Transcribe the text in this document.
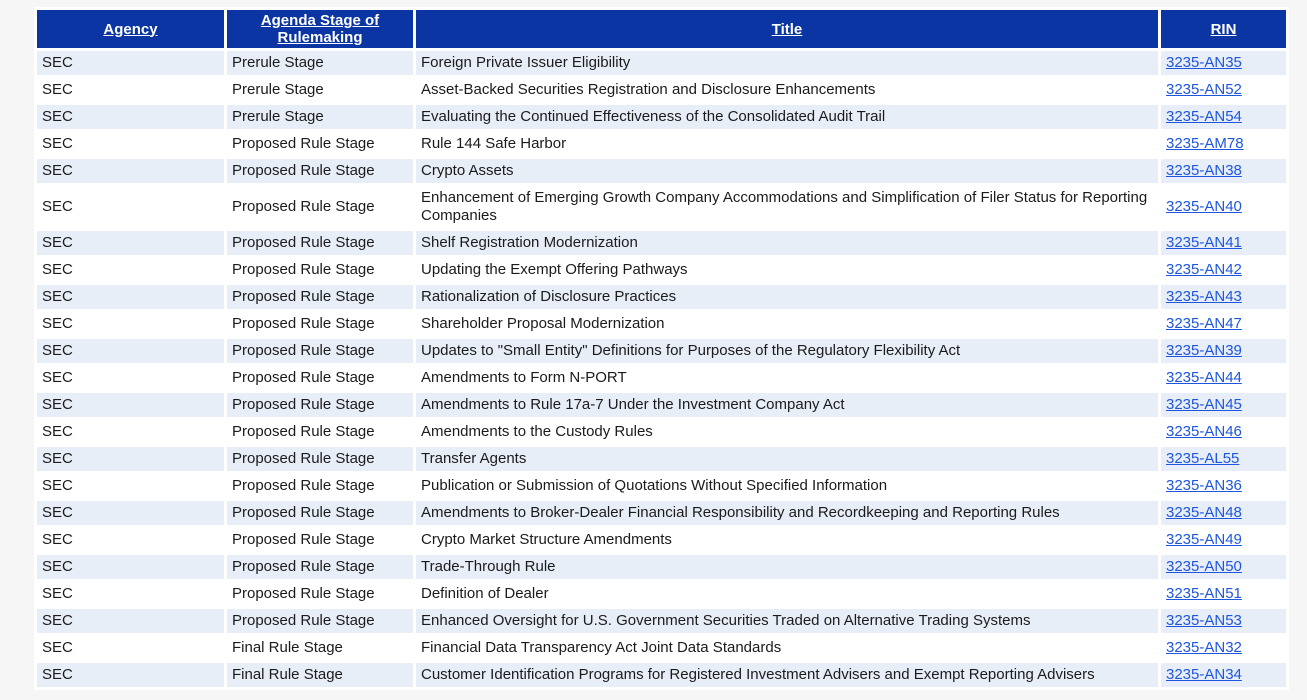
Agency	Agenda Stage of Rulemaking	Title	RIN
SEC	Prerule Stage	Foreign Private Issuer Eligibility	3235-AN35
SEC	Prerule Stage	Asset-Backed Securities Registration and Disclosure Enhancements	3235-AN52
SEC	Prerule Stage	Evaluating the Continued Effectiveness of the Consolidated Audit Trail	3235-AN54
SEC	Proposed Rule Stage	Rule 144 Safe Harbor	3235-AM78
SEC	Proposed Rule Stage	Crypto Assets	3235-AN38
SEC	Proposed Rule Stage	Enhancement of Emerging Growth Company Accommodations and Simplification of Filer Status for Reporting Companies	3235-AN40
SEC	Proposed Rule Stage	Shelf Registration Modernization	3235-AN41
SEC	Proposed Rule Stage	Updating the Exempt Offering Pathways	3235-AN42
SEC	Proposed Rule Stage	Rationalization of Disclosure Practices	3235-AN43
SEC	Proposed Rule Stage	Shareholder Proposal Modernization	3235-AN47
SEC	Proposed Rule Stage	Updates to "Small Entity" Definitions for Purposes of the Regulatory Flexibility Act	3235-AN39
SEC	Proposed Rule Stage	Amendments to Form N-PORT	3235-AN44
SEC	Proposed Rule Stage	Amendments to Rule 17a-7 Under the Investment Company Act	3235-AN45
SEC	Proposed Rule Stage	Amendments to the Custody Rules	3235-AN46
SEC	Proposed Rule Stage	Transfer Agents	3235-AL55
SEC	Proposed Rule Stage	Publication or Submission of Quotations Without Specified Information	3235-AN36
SEC	Proposed Rule Stage	Amendments to Broker-Dealer Financial Responsibility and Recordkeeping and Reporting Rules	3235-AN48
SEC	Proposed Rule Stage	Crypto Market Structure Amendments	3235-AN49
SEC	Proposed Rule Stage	Trade-Through Rule	3235-AN50
SEC	Proposed Rule Stage	Definition of Dealer	3235-AN51
SEC	Proposed Rule Stage	Enhanced Oversight for U.S. Government Securities Traded on Alternative Trading Systems	3235-AN53
SEC	Final Rule Stage	Financial Data Transparency Act Joint Data Standards	3235-AN32
SEC	Final Rule Stage	Customer Identification Programs for Registered Investment Advisers and Exempt Reporting Advisers	3235-AN34
